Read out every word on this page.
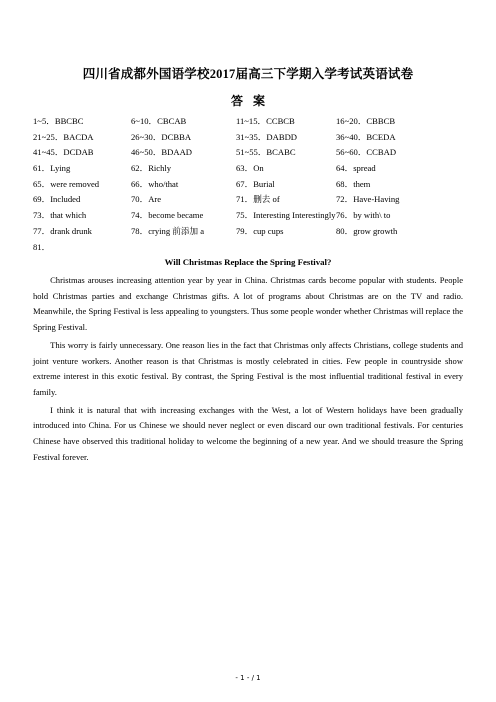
四川省成都外国语学校2017届高三下学期入学考试英语试卷
答案
1~5．BBCBC	6~10．CBCAB	11~15．CCBCB	16~20．CBBCB
21~25．BACDA	26~30．DCBBA	31~35．DABDD	36~40．BCEDA
41~45．DCDAB	46~50．BDAAD	51~55．BCABC	56~60．CCBAD
61．Lying	62．Richly	63．On	64．spread
65．were removed	66．who/that	67．Burial	68．them
69．Included	70．Are	71．删去 of	72．Have-Having
73．that which	74．become became	75．Interesting Interestingly 76．by with\ to
77．drank drunk	78．crying 前添加 a	79．cup cups	80．grow growth
81．
Will Christmas Replace the Spring Festival?

Christmas arouses increasing attention year by year in China. Christmas cards become popular with students. People hold Christmas parties and exchange Christmas gifts. A lot of programs about Christmas are on the TV and radio. Meanwhile, the Spring Festival is less appealing to youngsters. Thus some people wonder whether Christmas will replace the Spring Festival.

This worry is fairly unnecessary. One reason lies in the fact that Christmas only affects Christians, college students and joint venture workers. Another reason is that Christmas is mostly celebrated in cities. Few people in countryside show extreme interest in this exotic festival. By contrast, the Spring Festival is the most influential traditional festival in every family.

I think it is natural that with increasing exchanges with the West, a lot of Western holidays have been gradually introduced into China. For us Chinese we should never neglect or even discard our own traditional festivals. For centuries Chinese have observed this traditional holiday to welcome the beginning of a new year. And we should treasure the Spring Festival forever.

- 1 - / 1
